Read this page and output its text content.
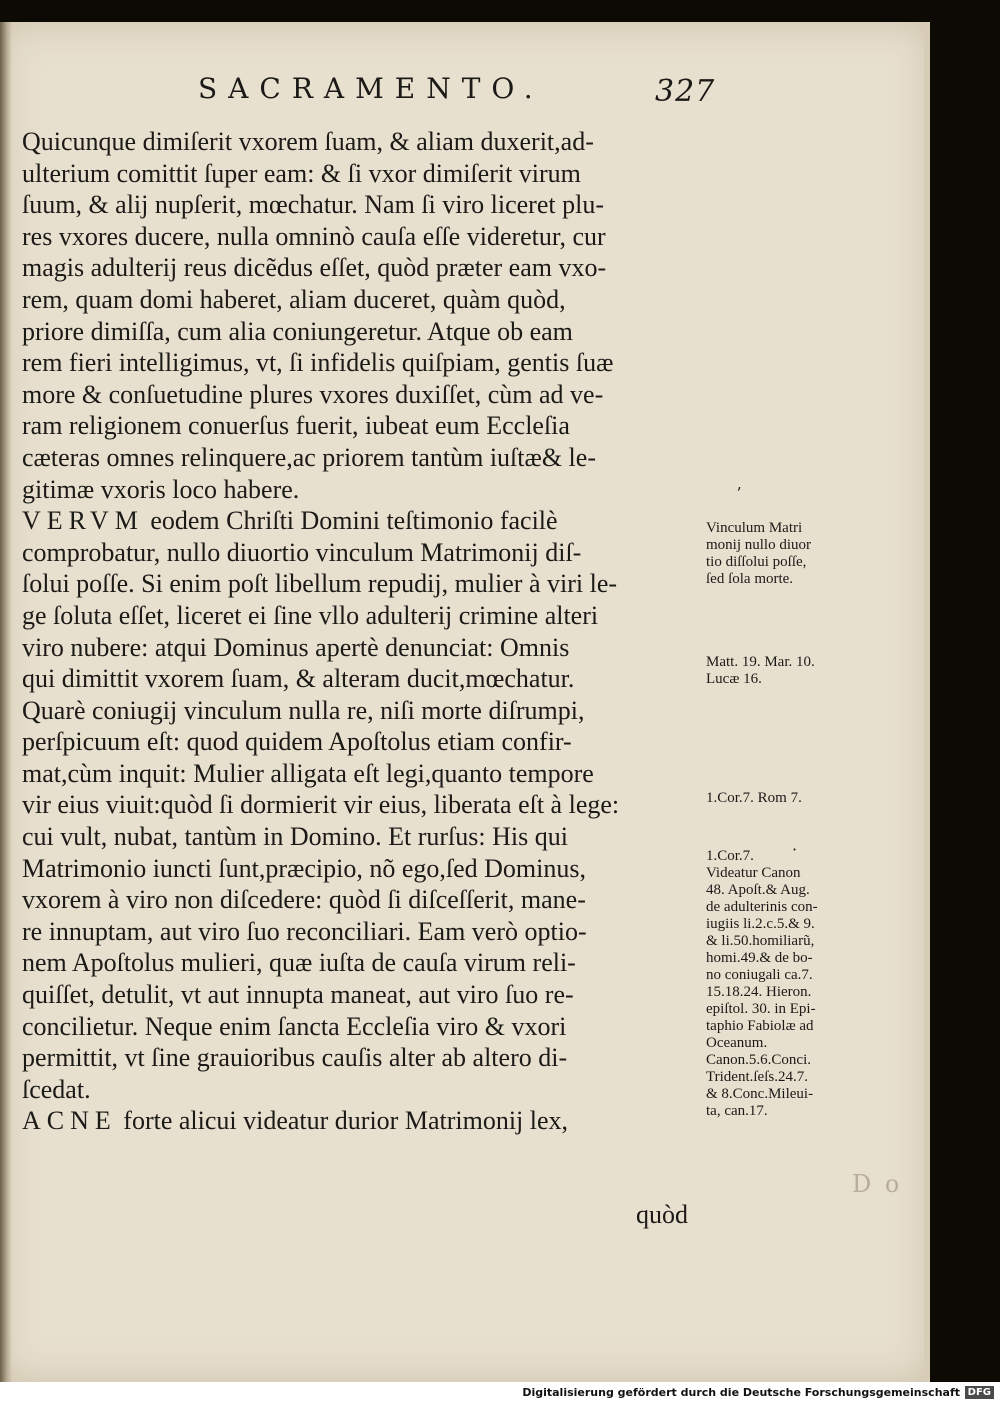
SACRAMENTO.	327
Quicunque dimiſerit vxorem ſuam, & aliam duxerit,ad-
ulterium comittit ſuper eam: & ſi vxor dimiſerit virum
ſuum, & alij nupſerit, mœchatur. Nam ſi viro liceret plu-
res vxores ducere, nulla omninò cauſa eſſe videretur, cur
magis adulterij reus dicẽdus eſſet, quòd præter eam vxo-
rem, quam domi haberet, aliam duceret, quàm quòd,
priore dimiſſa, cum alia coniungeretur. Atque ob eam
rem fieri intelligimus, vt, ſi infidelis quiſpiam, gentis ſuæ
more & conſuetudine plures vxores duxiſſet, cùm ad ve-
ram religionem conuerſus fuerit, iubeat eum Eccleſia
cæteras omnes relinquere,ac priorem tantùm iuſtæ& le-
gitimæ vxoris loco habere.
VERVM eodem Chriſti Domini teſtimonio facilè
comprobatur, nullo diuortio vinculum Matrimonij diſ-
ſolui poſſe. Si enim poſt libellum repudij, mulier à viri le-
ge ſoluta eſſet, liceret ei ſine vllo adulterij crimine alteri
viro nubere: atqui Dominus apertè denunciat: Omnis
qui dimittit vxorem ſuam, & alteram ducit,mœchatur.
Quarè coniugij vinculum nulla re, niſi morte diſrumpi,
perſpicuum eſt: quod quidem Apoſtolus etiam confir-
mat,cùm inquit: Mulier alligata eſt legi,quanto tempore
vir eius viuit:quòd ſi dormierit vir eius, liberata eſt à lege:
cui vult, nubat, tantùm in Domino. Et rurſus: His qui
Matrimonio iuncti ſunt,præcipio, nõ ego,ſed Dominus,
vxorem à viro non diſcedere: quòd ſi diſceſſerit, mane-
re innuptam, aut viro ſuo reconciliari. Eam verò optio-
nem Apoſtolus mulieri, quæ iuſta de cauſa virum reli-
quiſſet, detulit, vt aut innupta maneat, aut viro ſuo re-
concilietur. Neque enim ſancta Eccleſia viro & vxori
permittit, vt ſine grauioribus cauſis alter ab altero di-
ſcedat.
ACNE forte alicui videatur durior Matrimonij lex,
quòd
D o
ʼ
·
Vinculum Matri
monij nullo diuor
tio diſſolui poſſe,
ſed ſola morte.
Matt. 19. Mar. 10.
Lucæ 16.
1.Cor.7. Rom 7.
1.Cor.7.
Videatur Canon
48. Apoſt.& Aug.
de adulterinis con-
iugiis li.2.c.5.& 9.
& li.50.homiliarũ,
homi.49.& de bo-
no coniugali ca.7.
15.18.24. Hieron.
epiſtol. 30. in Epi-
taphio Fabiolæ ad
Oceanum.
Canon.5.6.Conci.
Trident.ſeſs.24.7.
& 8.Conc.Mileui-
ta, can.17.
Digitalisierung gefördert durch die Deutsche Forschungsgemeinschaft DFG
